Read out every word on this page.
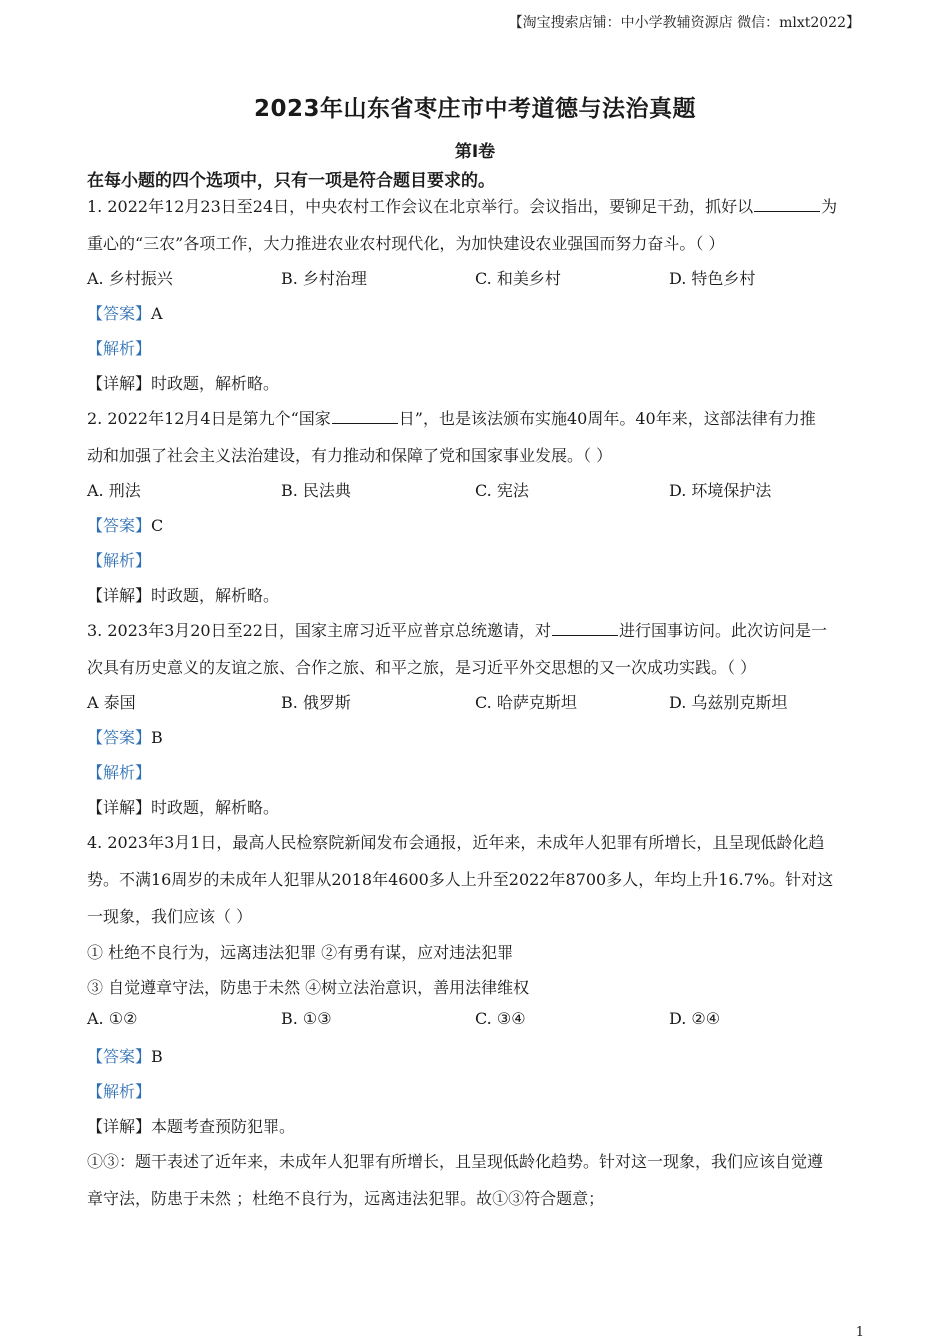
【淘宝搜索店铺：中小学教辅资源店 微信：mlxt2022】
2023年山东省枣庄市中考道德与法治真题
第Ⅰ卷
在每小题的四个选项中，只有一项是符合题目要求的。
1. 2022年12月23日至24日，中央农村工作会议在北京举行。会议指出，要铆足干劲，抓好以	为
重心的“三农”各项工作，大力推进农业农村现代化，为加快建设农业强国而努力奋斗。（ ）
A. 乡村振兴	B. 乡村治理	C. 和美乡村	D. 特色乡村
【答案】A
【解析】
【详解】时政题，解析略。
2. 2022年12月4日是第九个“国家	日”，也是该法颁布实施40周年。40年来，这部法律有力推
动和加强了社会主义法治建设，有力推动和保障了党和国家事业发展。（ ）
A. 刑法	B. 民法典	C. 宪法	D. 环境保护法
【答案】C
【解析】
【详解】时政题，解析略。
3. 2023年3月20日至22日，国家主席习近平应普京总统邀请，对	进行国事访问。此次访问是一
次具有历史意义的友谊之旅、合作之旅、和平之旅，是习近平外交思想的又一次成功实践。（ ）
A 泰国	B. 俄罗斯	C. 哈萨克斯坦	D. 乌兹别克斯坦
【答案】B
【解析】
【详解】时政题，解析略。
4. 2023年3月1日，最高人民检察院新闻发布会通报，近年来，未成年人犯罪有所增长，且呈现低龄化趋
势。不满16周岁的未成年人犯罪从2018年4600多人上升至2022年8700多人，年均上升16.7%。针对这
一现象，我们应该（ ）
① 杜绝不良行为，远离违法犯罪 ②有勇有谋，应对违法犯罪
③ 自觉遵章守法，防患于未然 ④树立法治意识，善用法律维权
A. ①②	B. ①③	C. ③④	D. ②④
【答案】B
【解析】
【详解】本题考查预防犯罪。
①③：题干表述了近年来，未成年人犯罪有所增长，且呈现低龄化趋势。针对这一现象，我们应该自觉遵
章守法，防患于未然 ；杜绝不良行为，远离违法犯罪。故①③符合题意；
1
